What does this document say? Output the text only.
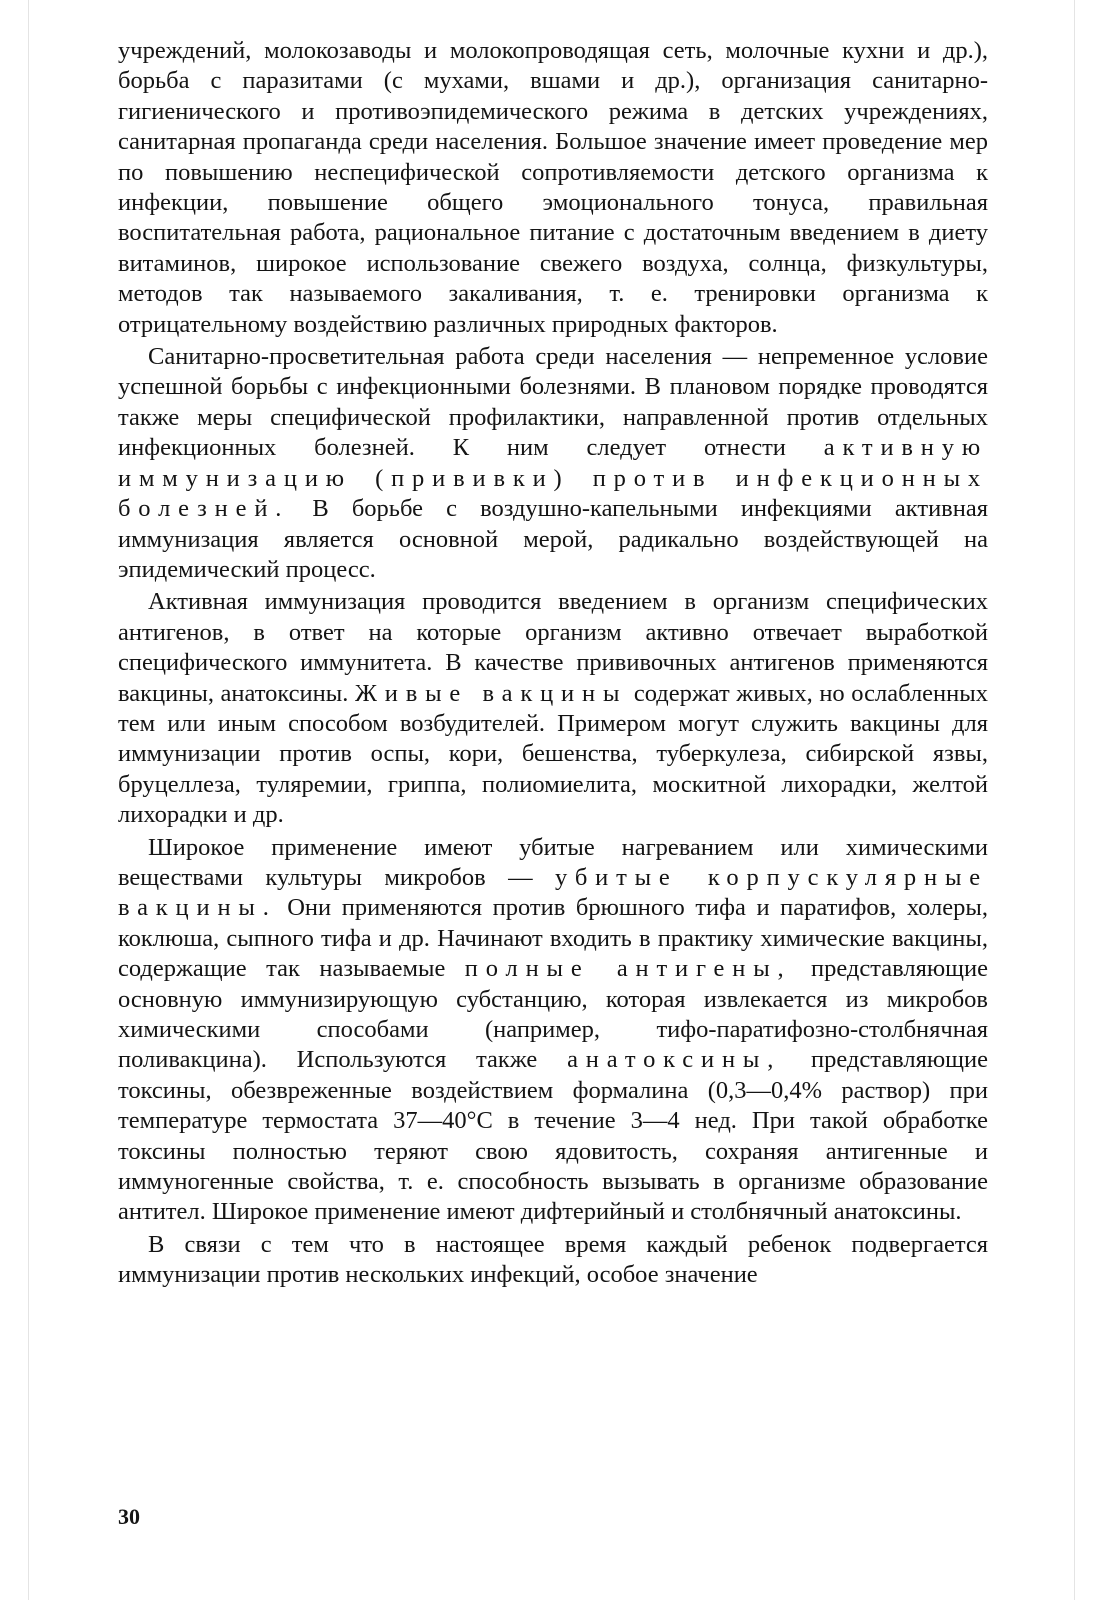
учреждений, молокозаводы и молокопроводящая сеть, молочные кухни и др.), борьба с паразитами (с мухами, вшами и др.), организация санитарно-гигиенического и противоэпидемического режима в детских учреждениях, санитарная пропаганда среди населения. Большое значение имеет проведение мер по повышению неспецифической сопротивляемости детского организма к инфекции, повышение общего эмоционального тонуса, правильная воспитательная работа, рациональное питание с достаточным введением в диету витаминов, широкое использование свежего воздуха, солнца, физкультуры, методов так называемого закаливания, т. е. тренировки организма к отрицательному воздействию различных природных факторов.

Санитарно-просветительная работа среди населения — непременное условие успешной борьбы с инфекционными болезнями. В плановом порядке проводятся также меры специфической профилактики, направленной против отдельных инфекционных болезней. К ним следует отнести активную иммунизацию (прививки) против инфекционных болезней. В борьбе с воздушно-капельными инфекциями активная иммунизация является основной мерой, радикально воздействующей на эпидемический процесс.

Активная иммунизация проводится введением в организм специфических антигенов, в ответ на которые организм активно отвечает выработкой специфического иммунитета. В качестве прививочных антигенов применяются вакцины, анатоксины. Живые вакцины содержат живых, но ослабленных тем или иным способом возбудителей. Примером могут служить вакцины для иммунизации против оспы, кори, бешенства, туберкулеза, сибирской язвы, бруцеллеза, туляремии, гриппа, полиомиелита, москитной лихорадки, желтой лихорадки и др.

Широкое применение имеют убитые нагреванием или химическими веществами культуры микробов — убитые корпускулярные вакцины. Они применяются против брюшного тифа и паратифов, холеры, коклюша, сыпного тифа и др. Начинают входить в практику химические вакцины, содержащие так называемые полные антигены, представляющие основную иммунизирующую субстанцию, которая извлекается из микробов химическими способами (например, тифо-паратифозно-столбнячная поливакцина). Используются также анатоксины, представляющие токсины, обезвреженные воздействием формалина (0,3—0,4% раствор) при температуре термостата 37—40°С в течение 3—4 нед. При такой обработке токсины полностью теряют свою ядовитость, сохраняя антигенные и иммуногенные свойства, т. е. способность вызывать в организме образование антител. Широкое применение имеют дифтерийный и столбнячный анатоксины.

В связи с тем что в настоящее время каждый ребенок подвергается иммунизации против нескольких инфекций, особое значение

30
